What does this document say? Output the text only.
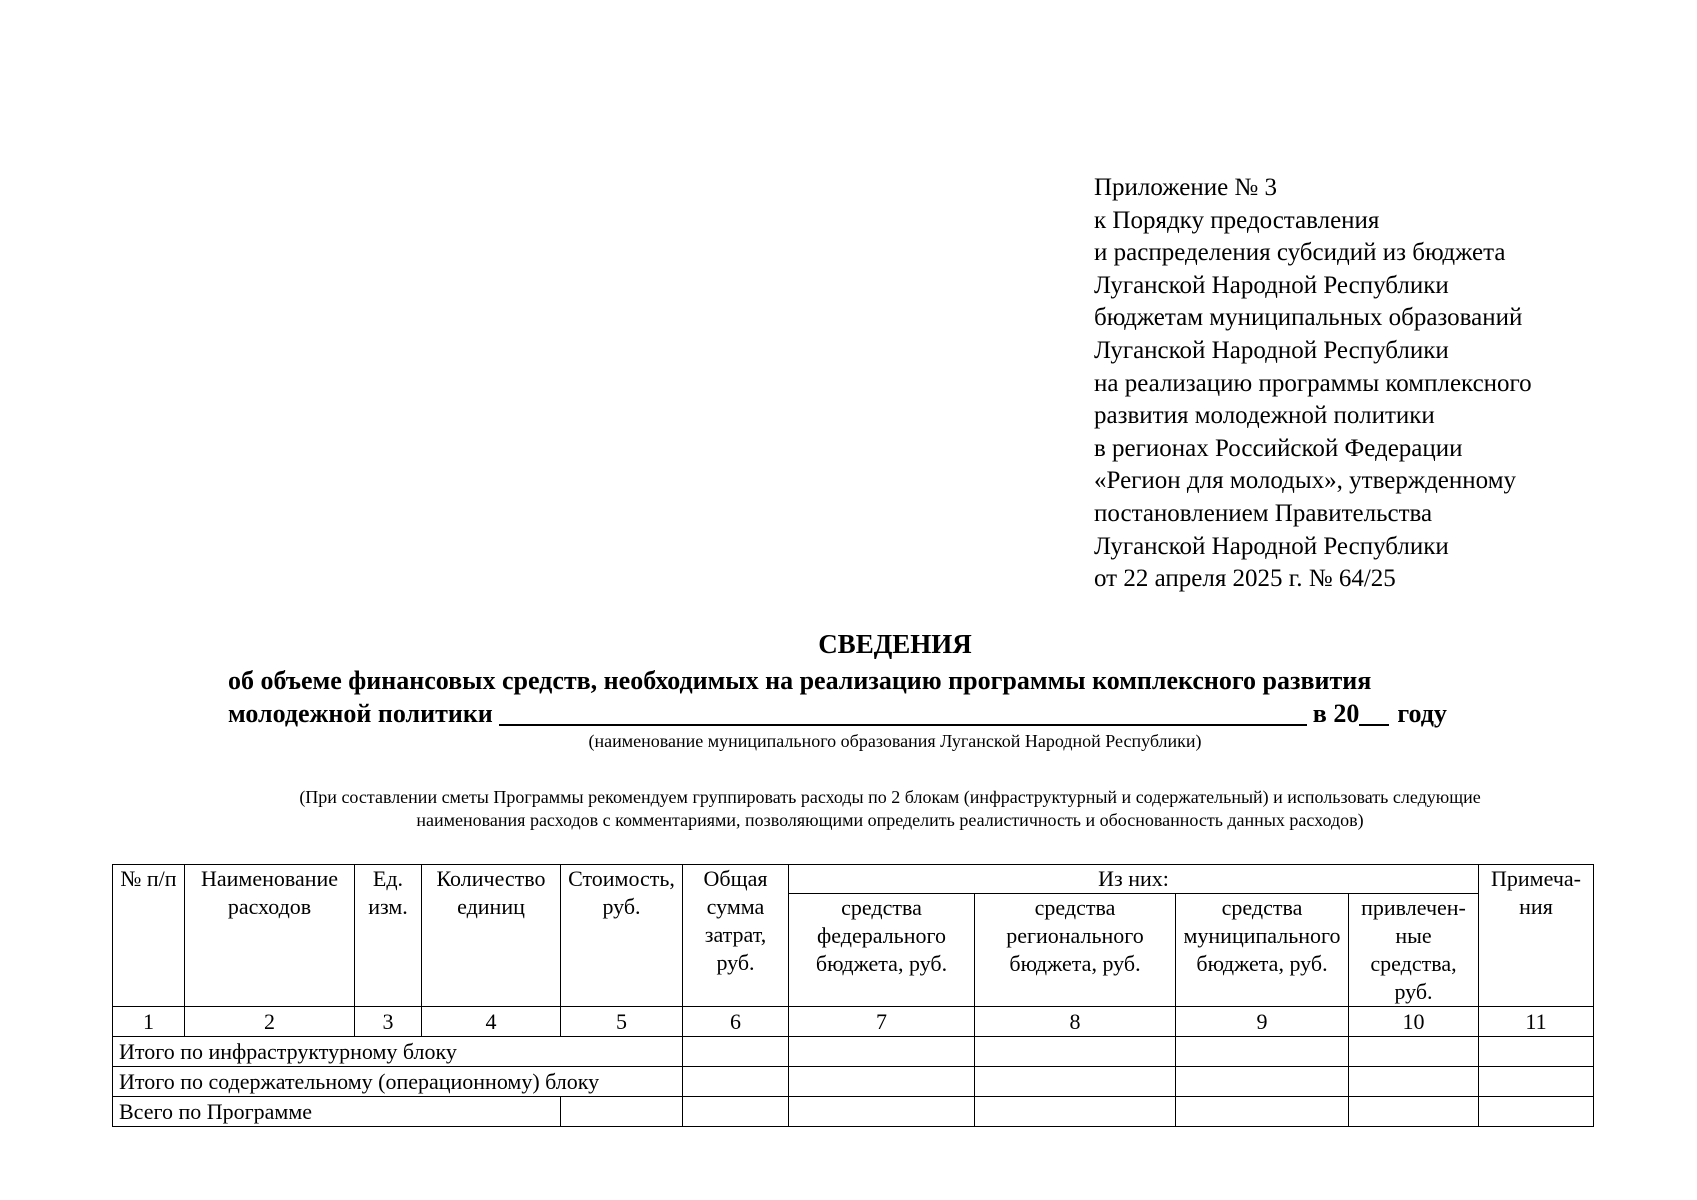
Приложение № 3
к Порядку предоставления
и распределения субсидий из бюджета
Луганской Народной Республики
бюджетам муниципальных образований
Луганской Народной Республики
на реализацию программы комплексного
развития молодежной политики
в регионах Российской Федерации
«Регион для молодых», утвержденному
постановлением Правительства
Луганской Народной Республики
от 22 апреля 2025 г. № 64/25
СВЕДЕНИЯ
об объеме финансовых средств, необходимых на реализацию программы комплексного развития
молодежной политики	в 20 году
(наименование муниципального образования Луганской Народной Республики)
(При составлении сметы Программы рекомендуем группировать расходы по 2 блокам (инфраструктурный и содержательный) и использовать следующие
наименования расходов с комментариями, позволяющими определить реалистичность и обоснованность данных расходов)
№ п/п	Наименование расходов	Ед. изм.	Количество единиц	Стоимость, руб.	Общая сумма затрат, руб.	Из них:				Примеча-ния
						средства федерального бюджета, руб.	средства регионального бюджета, руб.	средства муниципального бюджета, руб.	привлечен-ные средства, руб.	
1	2	3	4	5	6	7	8	9	10	11
Итого по инфраструктурному блоку										
Итого по содержательному (операционному) блоку										
Всего по Программе										
